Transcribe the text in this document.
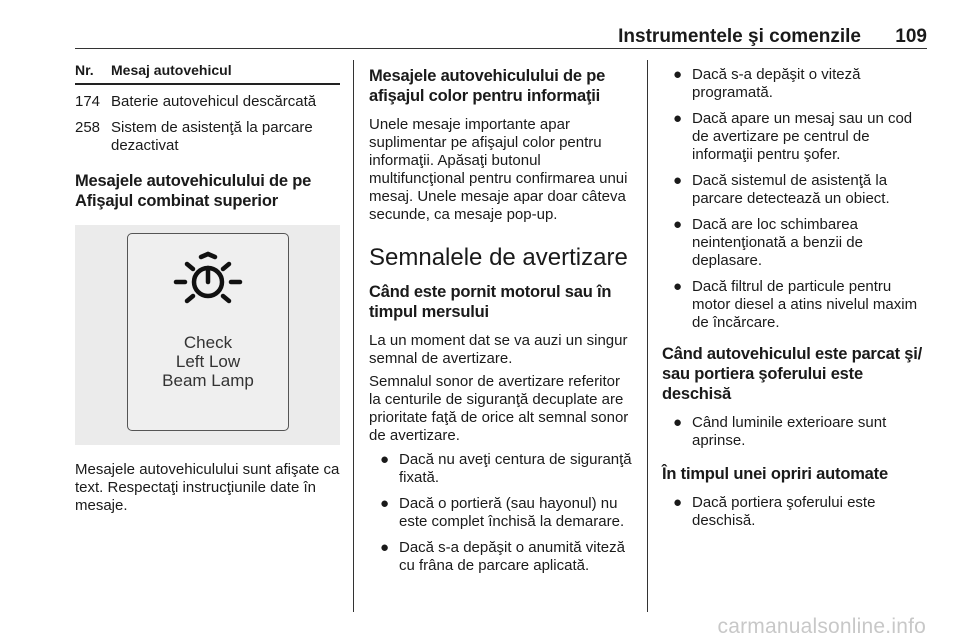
Instrumentele şi comenzile 109
Nr.	Mesaj autovehicul
174 Baterie autovehicul descărcată
258 Sistem de asistenţă la parcare dezactivat
Mesajele autovehiculului de pe Afişajul combinat superior
Check
Left Low
Beam Lamp

Mesajele autovehiculului sunt afişate ca text. Respectaţi instrucţiunile date în mesaje.

Mesajele autovehiculului de pe afişajul color pentru informaţii

Unele mesaje importante apar suplimentar pe afişajul color pentru informaţii. Apăsaţi butonul multifuncţional pentru confirmarea unui mesaj. Unele mesaje apar doar câteva secunde, ca mesaje pop-up.

Semnalele de avertizare
Când este pornit motorul sau în timpul mersului

La un moment dat se va auzi un singur semnal de avertizare.

Semnalul sonor de avertizare referitor la centurile de siguranţă decuplate are prioritate faţă de orice alt semnal sonor de avertizare.

● Dacă nu aveţi centura de siguranţă fixată.
● Dacă o portieră (sau hayonul) nu este complet închisă la demarare.
● Dacă s-a depăşit o anumită viteză cu frâna de parcare aplicată.
● Dacă s-a depăşit o viteză programată.
● Dacă apare un mesaj sau un cod de avertizare pe centrul de informaţii pentru şofer.
● Dacă sistemul de asistenţă la parcare detectează un obiect.
● Dacă are loc schimbarea neintenţionată a benzii de deplasare.
● Dacă filtrul de particule pentru motor diesel a atins nivelul maxim de încărcare.
Când autovehiculul este parcat şi/ sau portiera şoferului este deschisă
● Când luminile exterioare sunt aprinse.
În timpul unei opriri automate
● Dacă portiera şoferului este deschisă.
carmanualsonline.info
